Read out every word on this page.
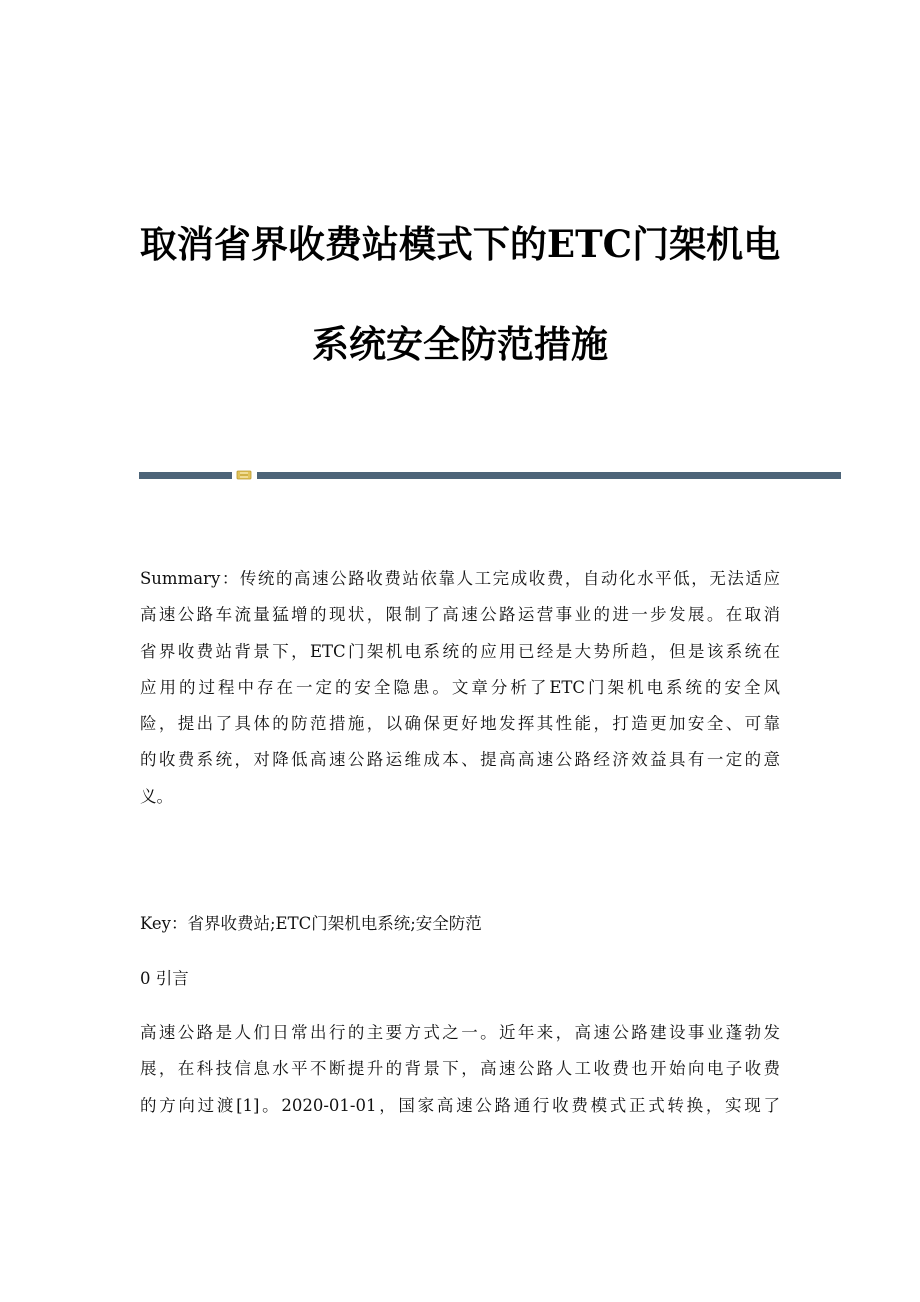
取消省界收费站模式下的ETC门架机电
系统安全防范措施
Summary：传统的高速公路收费站依靠人工完成收费，自动化水平低，无法适应
高速公路车流量猛增的现状，限制了高速公路运营事业的进一步发展。在取消
省界收费站背景下，ETC门架机电系统的应用已经是大势所趋，但是该系统在
应用的过程中存在一定的安全隐患。文章分析了ETC门架机电系统的安全风
险，提出了具体的防范措施，以确保更好地发挥其性能，打造更加安全、可靠
的收费系统，对降低高速公路运维成本、提高高速公路经济效益具有一定的意
义。
Key：省界收费站;ETC门架机电系统;安全防范
0 引言
高速公路是人们日常出行的主要方式之一。近年来，高速公路建设事业蓬勃发
展，在科技信息水平不断提升的背景下，高速公路人工收费也开始向电子收费
的方向过渡[1]。2020-01-01，国家高速公路通行收费模式正式转换，实现了
